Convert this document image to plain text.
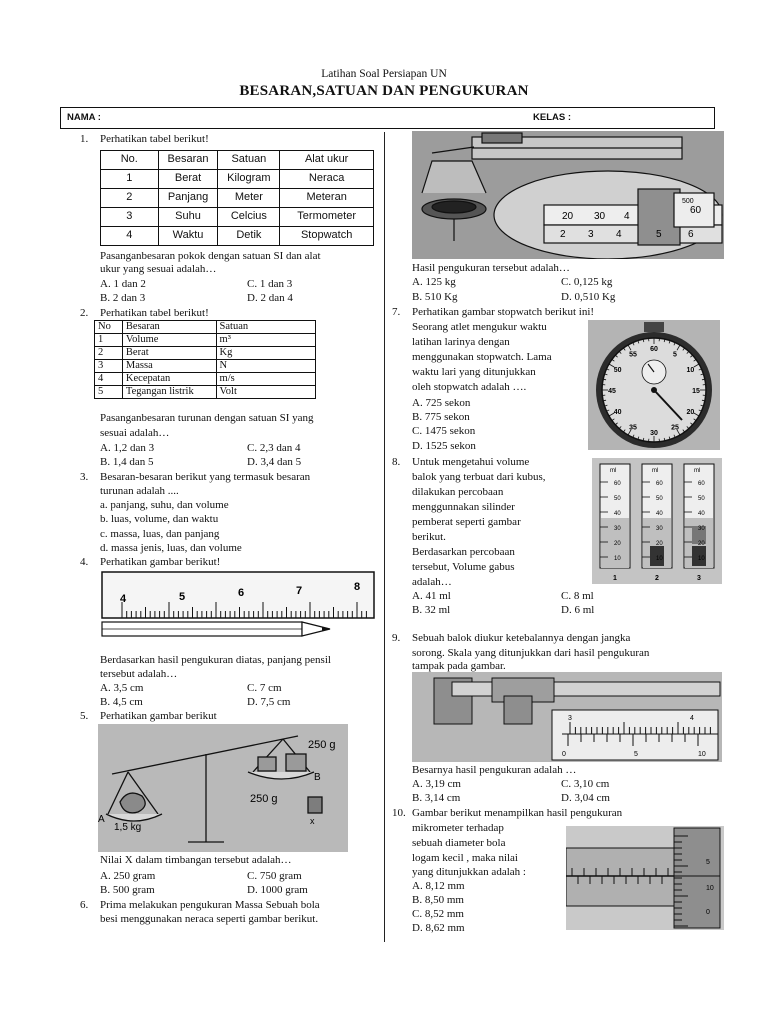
Latihan Soal Persiapan UN
BESARAN,SATUAN DAN PENGUKURAN
NAMA :	KELAS :
1. Perhatikan tabel berikut!
No.	Besaran	Satuan	Alat ukur
1	Berat	Kilogram	Neraca
2	Panjang	Meter	Meteran
3	Suhu	Celcius	Termometer
4	Waktu	Detik	Stopwatch
Pasanganbesaran pokok dengan satuan SI dan alat
ukur yang sesuai adalah…
A. 1 dan 2	C. 1 dan 3
B. 2 dan 3	D. 2 dan 4
2. Perhatikan tabel berikut!
No	Besaran	Satuan
1	Volume	m³
2	Berat	Kg
3	Massa	N
4	Kecepatan	m/s
5	Tegangan listrik	Volt
Pasanganbesaran turunan dengan satuan SI yang
sesuai adalah…
A. 1,2 dan 3	C. 2,3 dan 4
B. 1,4 dan 5	D. 3,4 dan 5
3. Besaran-besaran berikut yang termasuk besaran
turunan adalah ....
a. panjang, suhu, dan volume
b. luas, volume, dan waktu
c. massa, luas, dan panjang
d. massa jenis, luas, dan volume
4. Perhatikan gambar berikut!
4	5	6	7	8
Berdasarkan hasil pengukuran diatas, panjang pensil
tersebut adalah…
A. 3,5 cm	C. 7 cm
B. 4,5 cm	D. 7,5 cm
5. Perhatikan gambar berikut
250 g
250 g
B
A
1,5 kg
x
Nilai X dalam timbangan tersebut adalah…
A. 250 gram	C. 750 gram
B. 500 gram	D. 1000 gram
6. Prima melakukan pengukuran Massa Sebuah bola
besi menggunakan neraca seperti gambar berikut.
20 30 4
60
2 3 4	5	6
500
Hasil pengukuran tersebut adalah…
A. 125 kg	C. 0,125 kg
B. 510 Kg	D. 0,510 Kg
7. Perhatikan gambar stopwatch berikut ini!
Seorang atlet mengukur waktu
latihan larinya dengan
menggunakan stopwatch. Lama
waktu lari yang ditunjukkan
oleh stopwatch adalah ….
60
5
10
15
20
25
30
35
40
45
50
55
A. 725 sekon
B. 775 sekon
C. 1475 sekon
D. 1525 sekon
8. Untuk mengetahui volume
balok yang terbuat dari kubus,
dilakukan percobaan
menggunnakan silinder
pemberat seperti gambar
berikut.
Berdasarkan percobaan
tersebut, Volume gabus
adalah…
ml
60
50
40
30
20
10
1
ml
60
50
40
30
20
10
2
ml
60
50
40
30
20
10
3
A. 41 ml	C. 8 ml
B. 32 ml	D. 6 ml
9. Sebuah balok diukur ketebalannya dengan jangka
sorong. Skala yang ditunjukkan dari hasil pengukuran
tampak pada gambar.
3	4
0	5	10
Besarnya hasil pengukuran adalah …
A. 3,19 cm	C. 3,10 cm
B. 3,14 cm	D. 3,04 cm
10. Gambar berikut menampilkan hasil pengukuran
mikrometer terhadap
sebuah diameter bola
logam kecil , maka nilai
yang ditunjukkan adalah :
5
10
0
A. 8,12 mm
B. 8,50 mm
C. 8,52 mm
D. 8,62 mm
